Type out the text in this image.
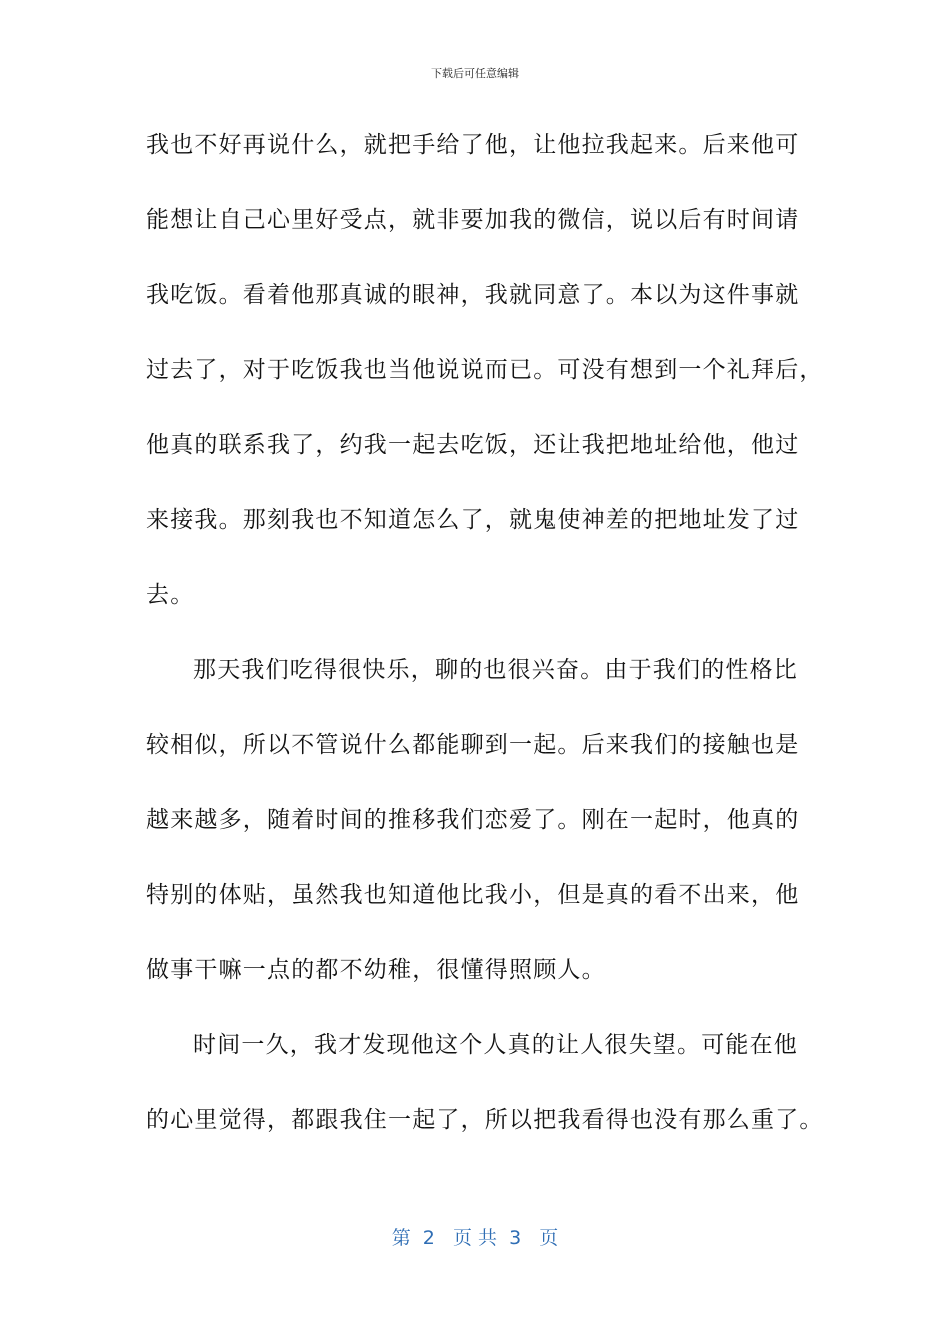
下载后可任意编辑
我也不好再说什么，就把手给了他，让他拉我起来。后来他可
能想让自己心里好受点，就非要加我的微信，说以后有时间请
我吃饭。看着他那真诚的眼神，我就同意了。本以为这件事就
过去了，对于吃饭我也当他说说而已。可没有想到一个礼拜后，
他真的联系我了，约我一起去吃饭，还让我把地址给他，他过
来接我。那刻我也不知道怎么了，就鬼使神差的把地址发了过
去。
那天我们吃得很快乐，聊的也很兴奋。由于我们的性格比
较相似，所以不管说什么都能聊到一起。后来我们的接触也是
越来越多，随着时间的推移我们恋爱了。刚在一起时，他真的
特别的体贴，虽然我也知道他比我小，但是真的看不出来，他
做事干嘛一点的都不幼稚，很懂得照顾人。
时间一久，我才发现他这个人真的让人很失望。可能在他
的心里觉得，都跟我住一起了，所以把我看得也没有那么重了。
第  2   页 共  3   页
